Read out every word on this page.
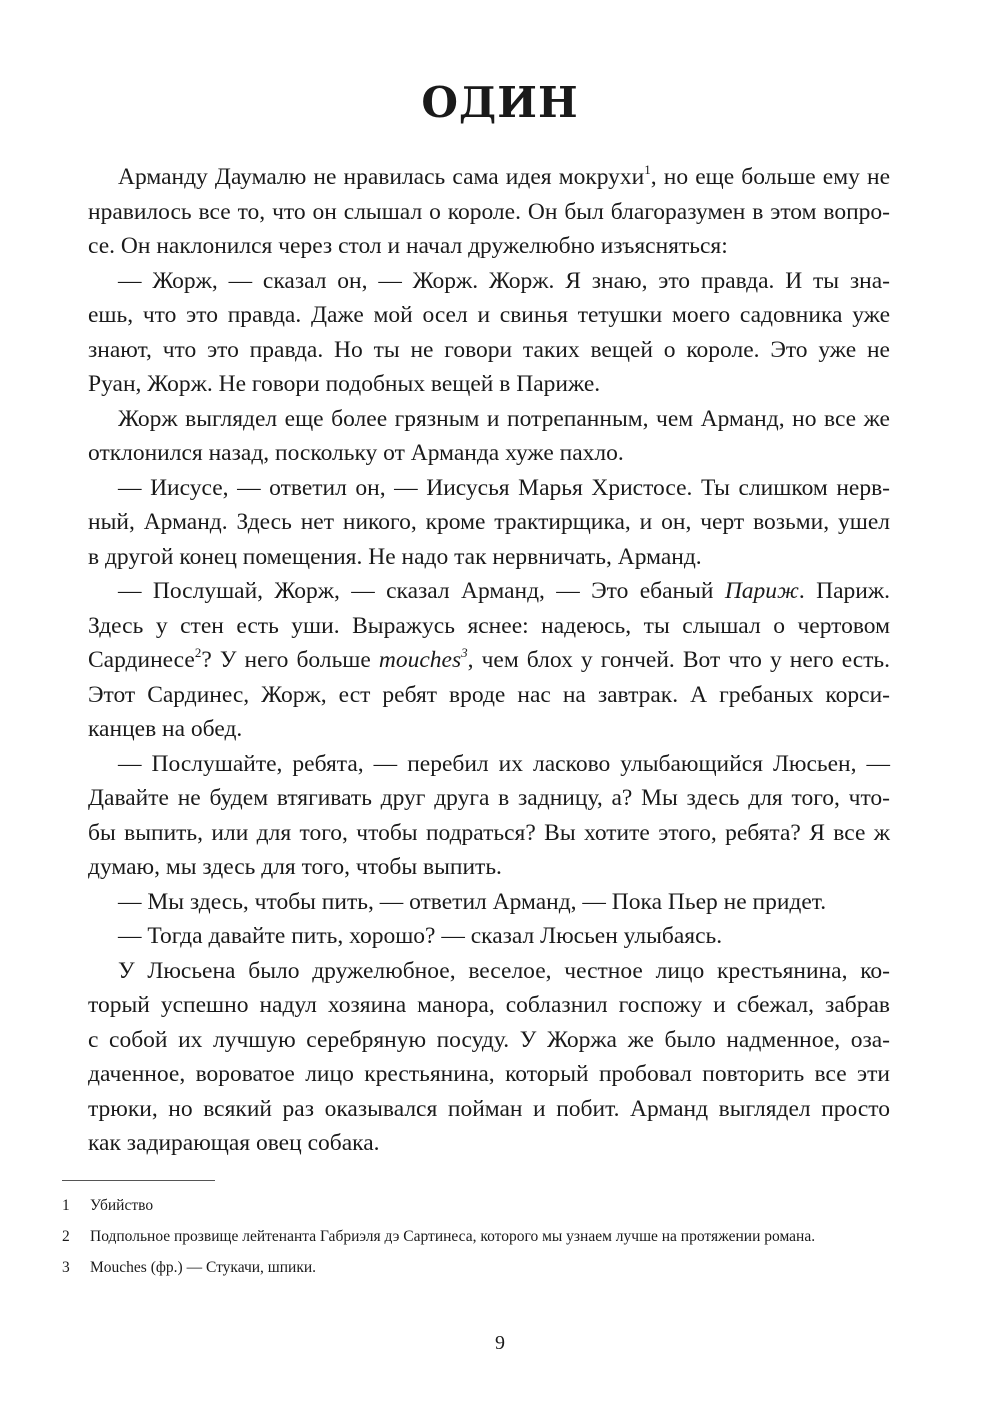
ОДИН
Арманду Даумалю не нравилась сама идея мокрухи$^1$, но еще больше ему не
нравилось все то, что он слышал о короле. Он был благоразумен в этом вопро-
се. Он наклонился через стол и начал дружелюбно изъясняться:
— Жорж, — сказал он, — Жорж. Жорж. Я знаю, это правда. И ты зна-
ешь, что это правда. Даже мой осел и свинья тетушки моего садовника уже
знают, что это правда. Но ты не говори таких вещей о короле. Это уже не
Руан, Жорж. Не говори подобных вещей в Париже.
Жорж выглядел еще более грязным и потрепанным, чем Арманд, но все же
отклонился назад, поскольку от Арманда хуже пахло.
— Иисусе, — ответил он, — Иисусья Марья Христосе. Ты слишком нерв-
ный, Арманд. Здесь нет никого, кроме трактирщика, и он, черт возьми, ушел
в другой конец помещения. Не надо так нервничать, Арманд.
— Послушай, Жорж, — сказал Арманд, — Это ебаный Париж. Париж.
Здесь у стен есть уши. Выражусь яснее: надеюсь, ты слышал о чертовом
Сардинесе$^2$? У него больше mouches$^3$, чем блох у гончей. Вот что у него есть.
Этот Сардинес, Жорж, ест ребят вроде нас на завтрак. А гребаных корси-
канцев на обед.
— Послушайте, ребята, — перебил их ласково улыбающийся Люсьен, —
Давайте не будем втягивать друг друга в задницу, а? Мы здесь для того, что-
бы выпить, или для того, чтобы подраться? Вы хотите этого, ребята? Я все ж
думаю, мы здесь для того, чтобы выпить.
— Мы здесь, чтобы пить, — ответил Арманд, — Пока Пьер не придет.
— Тогда давайте пить, хорошо? — сказал Люсьен улыбаясь.
У Люсьена было дружелюбное, веселое, честное лицо крестьянина, ко-
торый успешно надул хозяина манора, соблазнил госпожу и сбежал, забрав
с собой их лучшую серебряную посуду. У Жоржа же было надменное, оза-
даченное, вороватое лицо крестьянина, который пробовал повторить все эти
трюки, но всякий раз оказывался пойман и побит. Арманд выглядел просто
как задирающая овец собака.
1	Убийство
2	Подпольное прозвище лейтенанта Габриэля дэ Сартинеса, которого мы узнаем лучше на протяжении романа.
3	Mouches (фр.) — Стукачи, шпики.
9
